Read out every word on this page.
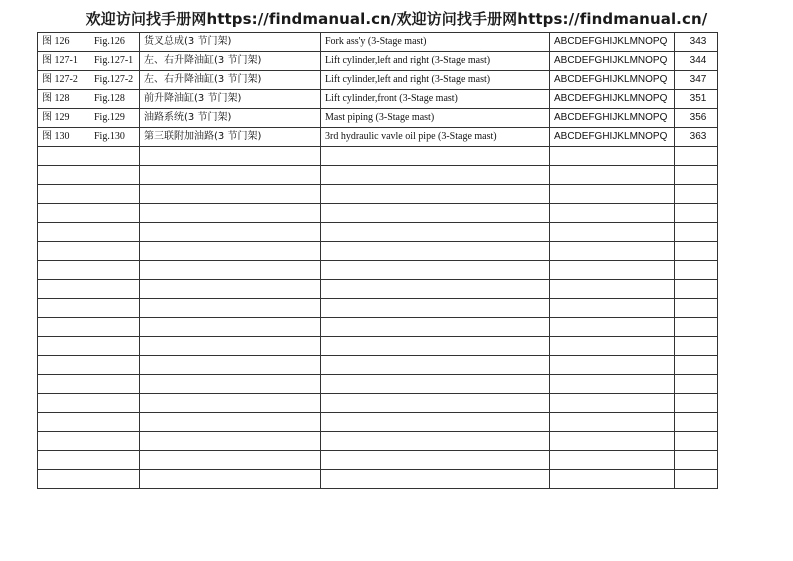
欢迎访问找手册网https://findmanual.cn/欢迎访问找手册网https://findmanual.cn/
图 126 Fig.126	货叉总成(3 节门架)	Fork ass'y (3-Stage mast)	ABCDEFGHIJKLMNOPQ	343
图 127-1 Fig.127-1	左、右升降油缸(3 节门架)	Lift cylinder,left and right (3-Stage mast)	ABCDEFGHIJKLMNOPQ	344
图 127-2 Fig.127-2	左、右升降油缸(3 节门架)	Lift cylinder,left and right (3-Stage mast)	ABCDEFGHIJKLMNOPQ	347
图 128 Fig.128	前升降油缸(3 节门架)	Lift cylinder,front (3-Stage mast)	ABCDEFGHIJKLMNOPQ	351
图 129 Fig.129	油路系统(3 节门架)	Mast piping (3-Stage mast)	ABCDEFGHIJKLMNOPQ	356
图 130 Fig.130	第三联附加油路(3 节门架)	3rd hydraulic vavle oil pipe (3-Stage mast)	ABCDEFGHIJKLMNOPQ	363
